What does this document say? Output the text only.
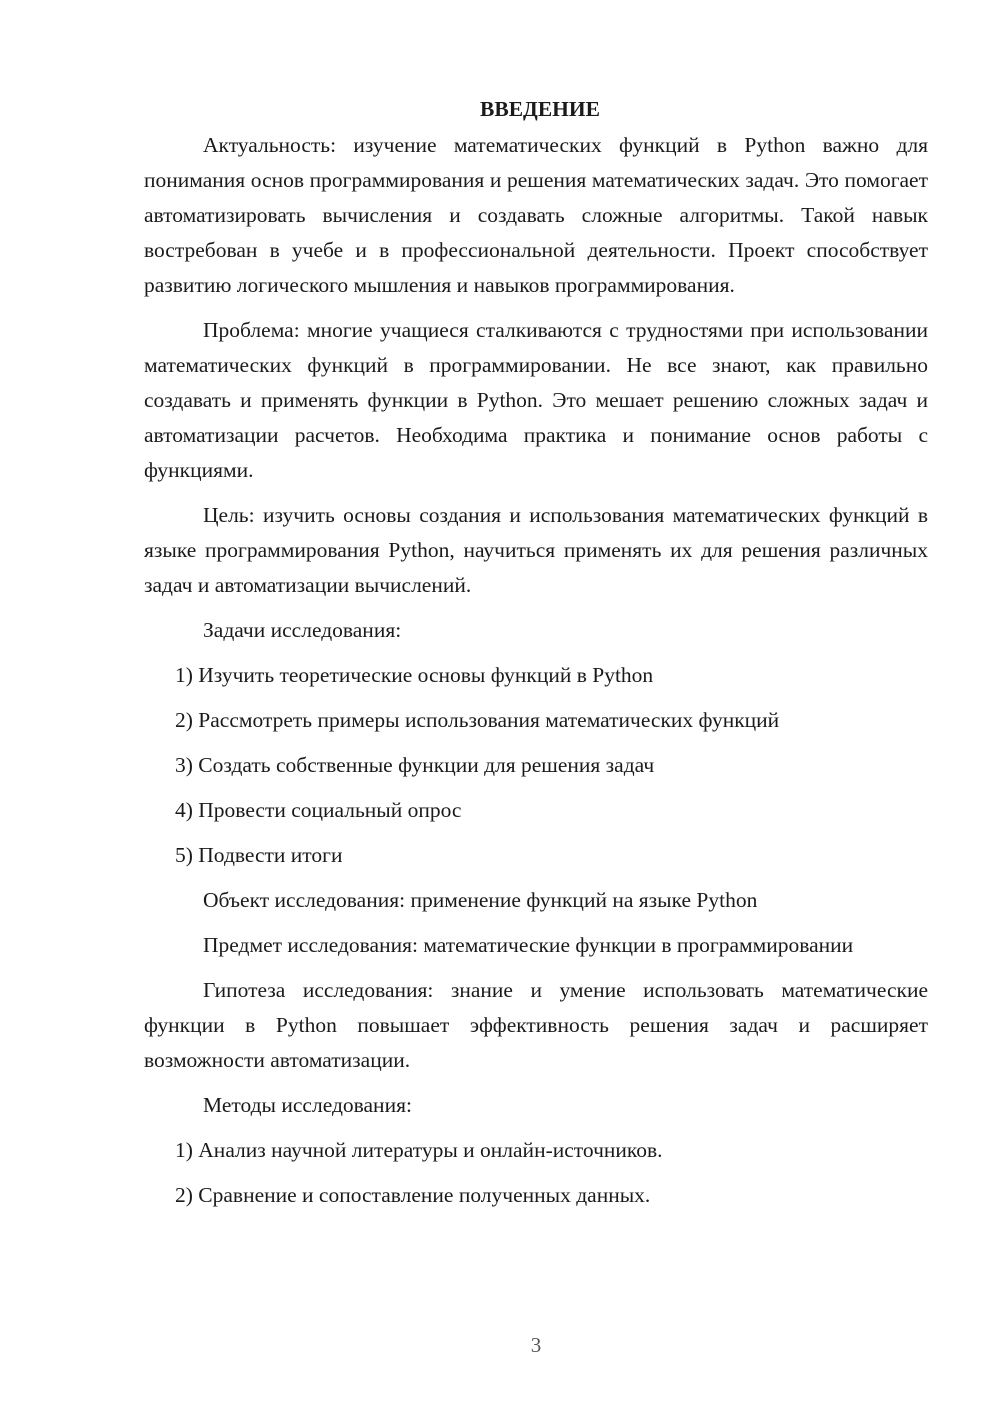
ВВЕДЕНИЕ

Актуальность: изучение математических функций в Python важно для понимания основ программирования и решения математических задач. Это помогает автоматизировать вычисления и создавать сложные алгоритмы. Такой навык востребован в учебе и в профессиональной деятельности. Проект способствует развитию логического мышления и навыков программирования.

Проблема: многие учащиеся сталкиваются с трудностями при использовании математических функций в программировании. Не все знают, как правильно создавать и применять функции в Python. Это мешает решению сложных задач и автоматизации расчетов. Необходима практика и понимание основ работы с функциями.

Цель: изучить основы создания и использования математических функций в языке программирования Python, научиться применять их для решения различных задач и автоматизации вычислений.

Задачи исследования:

1) Изучить теоретические основы функций в Python

2) Рассмотреть примеры использования математических функций

3) Создать собственные функции для решения задач

4) Провести социальный опрос

5) Подвести итоги

Объект исследования: применение функций на языке Python

Предмет исследования: математические функции в программировании

Гипотеза исследования: знание и умение использовать математические функции в Python повышает эффективность решения задач и расширяет возможности автоматизации.

Методы исследования:

1) Анализ научной литературы и онлайн-источников.

2) Сравнение и сопоставление полученных данных.

3
